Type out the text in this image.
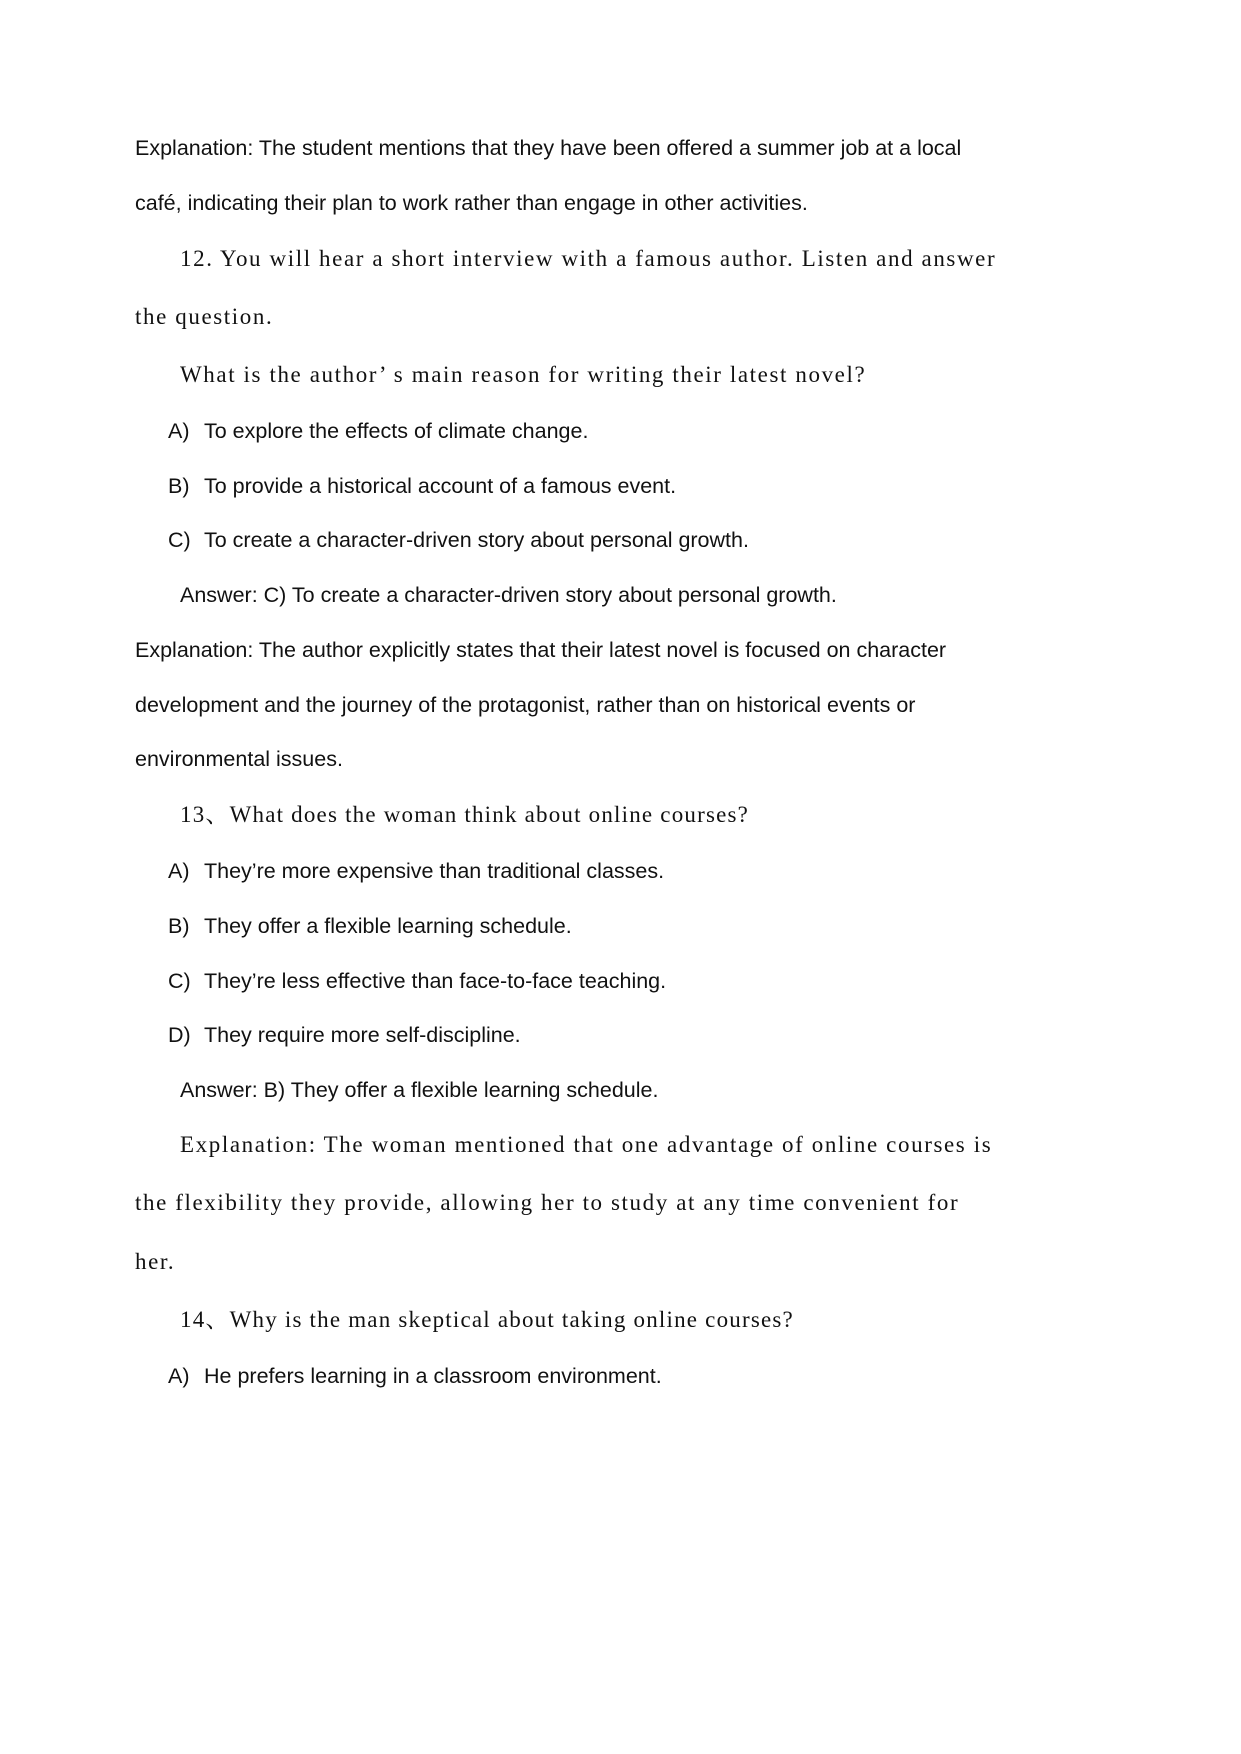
Explanation: The student mentions that they have been offered a summer job at a local
café, indicating their plan to work rather than engage in other activities.
12. You will hear a short interview with a famous author. Listen and answer
the question.
What is the author’ s main reason for writing their latest novel?
A) To explore the effects of climate change.
B) To provide a historical account of a famous event.
C) To create a character-driven story about personal growth.
Answer: C) To create a character-driven story about personal growth.
Explanation: The author explicitly states that their latest novel is focused on character
development and the journey of the protagonist, rather than on historical events or
environmental issues.
13、What does the woman think about online courses?
A) They’re more expensive than traditional classes.
B) They offer a flexible learning schedule.
C) They’re less effective than face-to-face teaching.
D) They require more self-discipline.
Answer: B) They offer a flexible learning schedule.
Explanation: The woman mentioned that one advantage of online courses is
the flexibility they provide, allowing her to study at any time convenient for
her.
14、Why is the man skeptical about taking online courses?
A) He prefers learning in a classroom environment.
